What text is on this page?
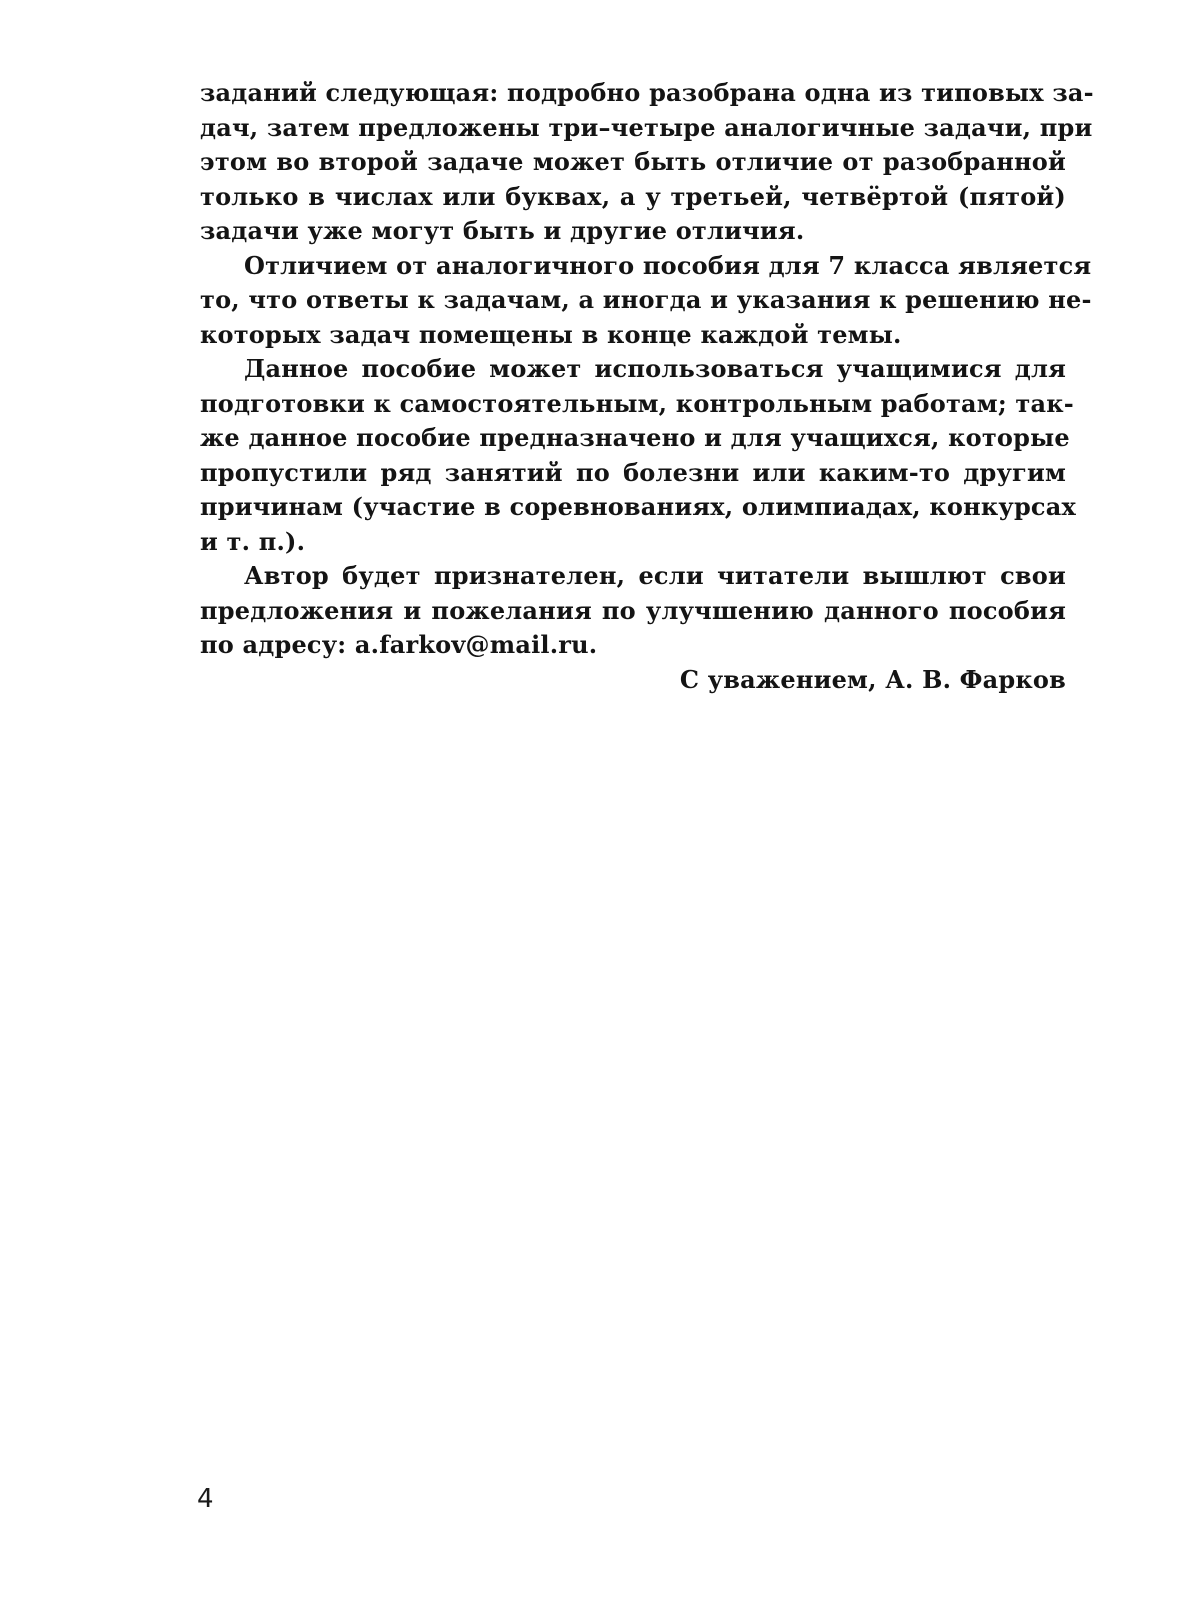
заданий следующая: подробно разобрана одна из типовых за-
дач, затем предложены три–четыре аналогичные задачи, при
этом во второй задаче может быть отличие от разобранной
только в числах или буквах, а у третьей, четвёртой (пятой)
задачи уже могут быть и другие отличия.
Отличием от аналогичного пособия для 7 класса является
то, что ответы к задачам, а иногда и указания к решению не-
которых задач помещены в конце каждой темы.
Данное пособие может использоваться учащимися для
подготовки к самостоятельным, контрольным работам; так-
же данное пособие предназначено и для учащихся, которые
пропустили ряд занятий по болезни или каким-то другим
причинам (участие в соревнованиях, олимпиадах, конкурсах
и т. п.).
Автор будет признателен, если читатели вышлют свои
предложения и пожелания по улучшению данного пособия
по адресу: a.farkov@mail.ru.
С уважением, А. В. Фарков
4
